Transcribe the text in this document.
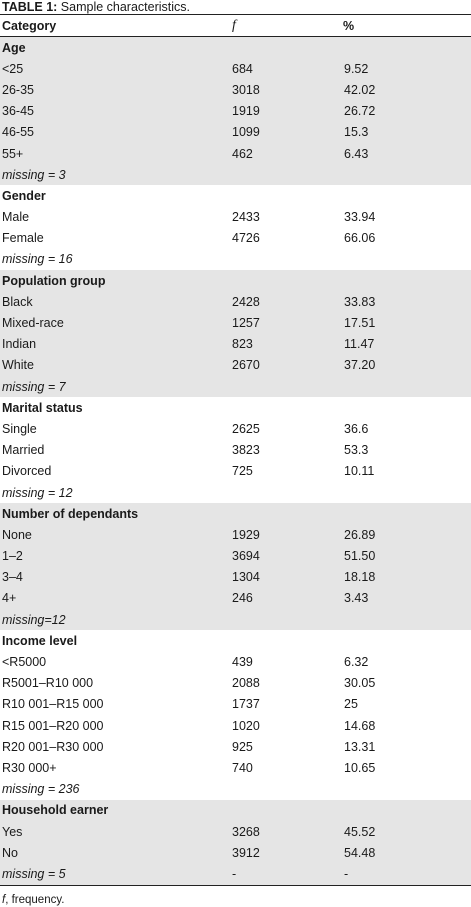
TABLE 1: Sample characteristics.
Category	f	%
Age		
<25	684	9.52
26-35	3018	42.02
36-45	1919	26.72
46-55	1099	15.3
55+	462	6.43
missing = 3		
Gender		
Male	2433	33.94
Female	4726	66.06
missing = 16		
Population group		
Black	2428	33.83
Mixed-race	1257	17.51
Indian	823	11.47
White	2670	37.20
missing = 7		
Marital status		
Single	2625	36.6
Married	3823	53.3
Divorced	725	10.11
missing = 12		
Number of dependants		
None	1929	26.89
1–2	3694	51.50
3–4	1304	18.18
4+	246	3.43
missing=12		
Income level		
<R5000	439	6.32
R5001–R10 000	2088	30.05
R10 001–R15 000	1737	25
R15 001–R20 000	1020	14.68
R20 001–R30 000	925	13.31
R30 000+	740	10.65
missing = 236		
Household earner		
Yes	3268	45.52
No	3912	54.48
missing = 5	-	-
f, frequency.
